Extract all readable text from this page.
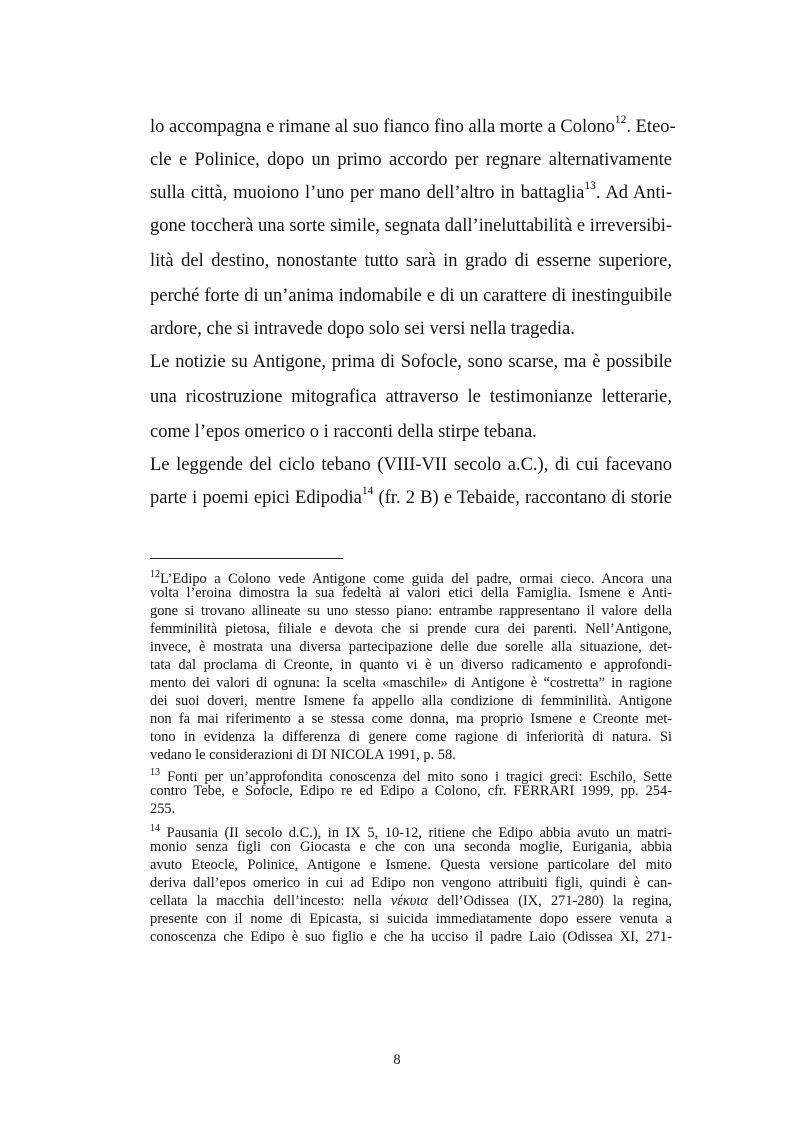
lo accompagna e rimane al suo fianco fino alla morte a Colono$^{12}$. Eteo-
cle e Polinice, dopo un primo accordo per regnare alternativamente
sulla città, muoiono l’uno per mano dell’altro in battaglia$^{13}$. Ad Anti-
gone toccherà una sorte simile, segnata dall’ineluttabilità e irreversibi-
lità del destino, nonostante tutto sarà in grado di esserne superiore,
perché forte di un’anima indomabile e di un carattere di inestinguibile
ardore, che si intravede dopo solo sei versi nella tragedia.
Le notizie su Antigone, prima di Sofocle, sono scarse, ma è possibile
una ricostruzione mitografica attraverso le testimonianze letterarie,
come l’epos omerico o i racconti della stirpe tebana.
Le leggende del ciclo tebano (VIII-VII secolo a.C.), di cui facevano
parte i poemi epici Edipodia$^{14}$ (fr. 2 B) e Tebaide, raccontano di storie
$^{12}$L’Edipo a Colono vede Antigone come guida del padre, ormai cieco. Ancora una
volta l’eroina dimostra la sua fedeltà ai valori etici della Famiglia. Ismene e Anti-
gone si trovano allineate su uno stesso piano: entrambe rappresentano il valore della
femminilità pietosa, filiale e devota che si prende cura dei parenti. Nell’Antigone,
invece, è mostrata una diversa partecipazione delle due sorelle alla situazione, det-
tata dal proclama di Creonte, in quanto vi è un diverso radicamento e approfondi-
mento dei valori di ognuna: la scelta «maschile» di Antigone è “costretta” in ragione
dei suoi doveri, mentre Ismene fa appello alla condizione di femminilità. Antigone
non fa mai riferimento a se stessa come donna, ma proprio Ismene e Creonte met-
tono in evidenza la differenza di genere come ragione di inferiorità di natura. Si
vedano le considerazioni di DI NICOLA 1991, p. 58.
$^{13}$ Fonti per un’approfondita conoscenza del mito sono i tragici greci: Eschilo, Sette
contro Tebe, e Sofocle, Edipo re ed Edipo a Colono, cfr. FERRARI 1999, pp. 254-
255.
$^{14}$ Pausania (II secolo d.C.), in IX 5, 10-12, ritiene che Edipo abbia avuto un matri-
monio senza figli con Giocasta e che con una seconda moglie, Eurigania, abbia
avuto Eteocle, Polinice, Antigone e Ismene. Questa versione particolare del mito
deriva dall’epos omerico in cui ad Edipo non vengono attribuiti figli, quindi è can-
cellata la macchia dell’incesto: nella νέκυια dell’Odissea (IX, 271-280) la regina,
presente con il nome di Epicasta, si suicida immediatamente dopo essere venuta a
conoscenza che Edipo è suo figlio e che ha ucciso il padre Laio (Odissea XI, 271-
8
